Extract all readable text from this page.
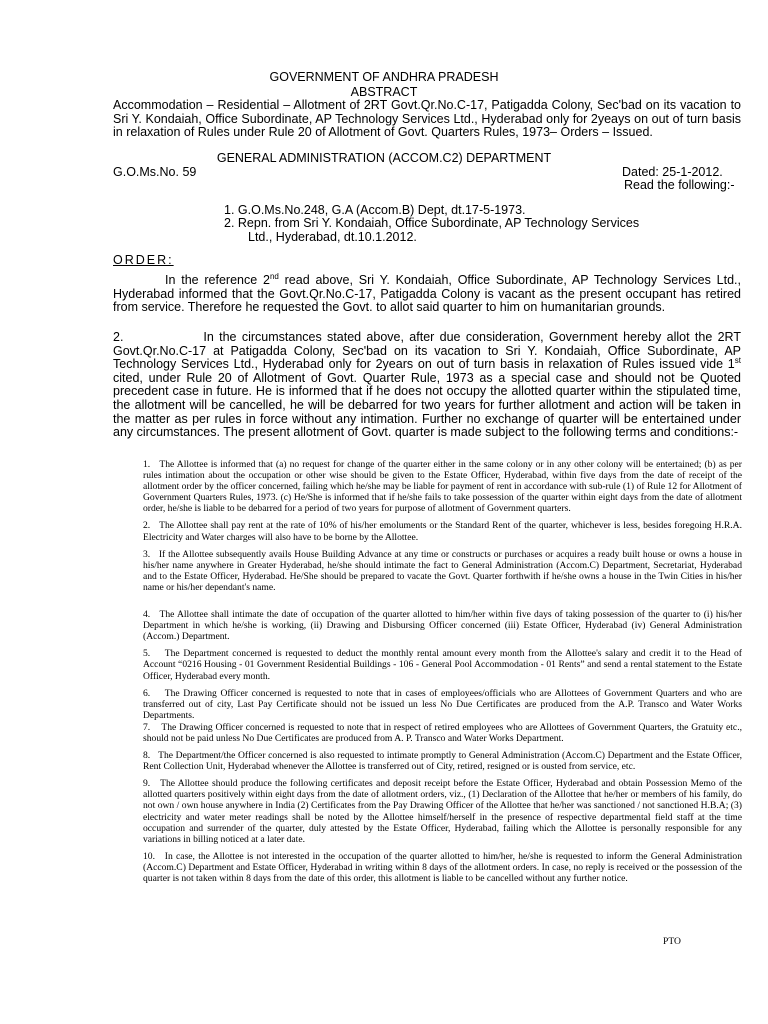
GOVERNMENT OF ANDHRA PRADESH
ABSTRACT
Accommodation – Residential – Allotment of 2RT Govt.Qr.No.C-17, Patigadda Colony, Sec'bad on its vacation to Sri Y. Kondaiah, Office Subordinate, AP Technology Services Ltd., Hyderabad only for 2yeays on out of turn basis in relaxation of Rules under Rule 20 of Allotment of Govt. Quarters Rules, 1973– Orders – Issued.
GENERAL ADMINISTRATION (ACCOM.C2) DEPARTMENT
G.O.Ms.No. 59	Dated: 25-1-2012.
Read the following:-
1. G.O.Ms.No.248, G.A (Accom.B) Dept, dt.17-5-1973.
2. Repn. from Sri Y. Kondaiah, Office Subordinate, AP Technology Services
Ltd., Hyderabad, dt.10.1.2012.
ORDER:
In the reference 2nd read above, Sri Y. Kondaiah, Office Subordinate, AP Technology Services Ltd., Hyderabad informed that the Govt.Qr.No.C-17, Patigadda Colony is vacant as the present occupant has retired from service. Therefore he requested the Govt. to allot said quarter to him on humanitarian grounds.
2.               In the circumstances stated above, after due consideration, Government hereby allot the 2RT Govt.Qr.No.C-17 at Patigadda Colony, Sec'bad on its vacation to Sri Y. Kondaiah, Office Subordinate, AP Technology Services Ltd., Hyderabad only for 2years on out of turn basis in relaxation of Rules issued vide 1st cited, under Rule 20 of Allotment of Govt. Quarter Rule, 1973 as a special case and should not be Quoted precedent case in future. He is informed that if he does not occupy the allotted quarter within the stipulated time, the allotment will be cancelled, he will be debarred for two years for further allotment and action will be taken in the matter as per rules in force without any intimation. Further no exchange of quarter will be entertained under any circumstances. The present allotment of Govt. quarter is made subject to the following terms and conditions:-

1.   The Allottee is informed that (a) no request for change of the quarter either in the same colony or in any other colony will be entertained; (b) as per rules intimation about the occupation or other wise should be given to the Estate Officer, Hyderabad, within five days from the date of receipt of the allotment order by the officer concerned, failing which he/she may be liable for payment of rent in accordance with sub-rule (1) of Rule 12 for Allotment of Government Quarters Rules, 1973. (c) He/She is informed that if he/she fails to take possession of the quarter within eight days from the date of allotment order, he/she is liable to be debarred for a period of two years for purpose of allotment of Government quarters.

2.   The Allottee shall pay rent at the rate of 10% of his/her emoluments or the Standard Rent of the quarter, whichever is less, besides foregoing H.R.A. Electricity and Water charges will also have to be borne by the Allottee.

3.   If the Allottee subsequently avails House Building Advance at any time or constructs or purchases or acquires a ready built house or owns a house in his/her name anywhere in Greater Hyderabad, he/she should intimate the fact to General Administration (Accom.C) Department, Secretariat, Hyderabad and to the Estate Officer, Hyderabad. He/She should be prepared to vacate the Govt. Quarter forthwith if he/she owns a house in the Twin Cities in his/her name or his/her dependant's name.

4.   The Allottee shall intimate the date of occupation of the quarter allotted to him/her within five days of taking possession of the quarter to (i) his/her Department in which he/she is working, (ii) Drawing and Disbursing Officer concerned (iii) Estate Officer, Hyderabad (iv) General Administration (Accom.) Department.

5.    The Department concerned is requested to deduct the monthly rental amount every month from the Allottee's salary and credit it to the Head of Account “0216 Housing - 01 Government Residential Buildings - 106 - General Pool Accommodation - 01 Rents” and send a rental statement to the Estate Officer, Hyderabad every month.

6.    The Drawing Officer concerned is requested to note that in cases of employees/officials who are Allottees of Government Quarters and who are transferred out of city, Last Pay Certificate should not be issued un less No Due Certificates are produced from the A.P. Transco and Water Works Departments.

7.    The Drawing Officer concerned is requested to note that in respect of retired employees who are Allottees of Government Quarters, the Gratuity etc., should not be paid unless No Due Certificates are produced from A. P. Transco and Water Works Department.

8.   The Department/the Officer concerned is also requested to intimate promptly to General Administration (Accom.C) Department and the Estate Officer, Rent Collection Unit, Hyderabad whenever the Allottee is transferred out of City, retired, resigned or is ousted from service, etc.

9.   The Allottee should produce the following certificates and deposit receipt before the Estate Officer, Hyderabad and obtain Possession Memo of the allotted quarters positively within eight days from the date of allotment orders, viz., (1) Declaration of the Allottee that he/her or members of his family, do not own / own house anywhere in India (2) Certificates from the Pay Drawing Officer of the Allottee that he/her was sanctioned / not sanctioned H.B.A; (3) electricity and water meter readings shall be noted by the Allottee himself/herself in the presence of respective departmental field staff at the time occupation and surrender of the quarter, duly attested by the Estate Officer, Hyderabad, failing which the Allottee is personally responsible for any variations in billing noticed at a later date.

10.   In case, the Allottee is not interested in the occupation of the quarter allotted to him/her, he/she is requested to inform the General Administration (Accom.C) Department and Estate Officer, Hyderabad in writing within 8 days of the allotment orders. In case, no reply is received or the possession of the quarter is not taken within 8 days from the date of this order, this allotment is liable to be cancelled without any further notice.

PTO
